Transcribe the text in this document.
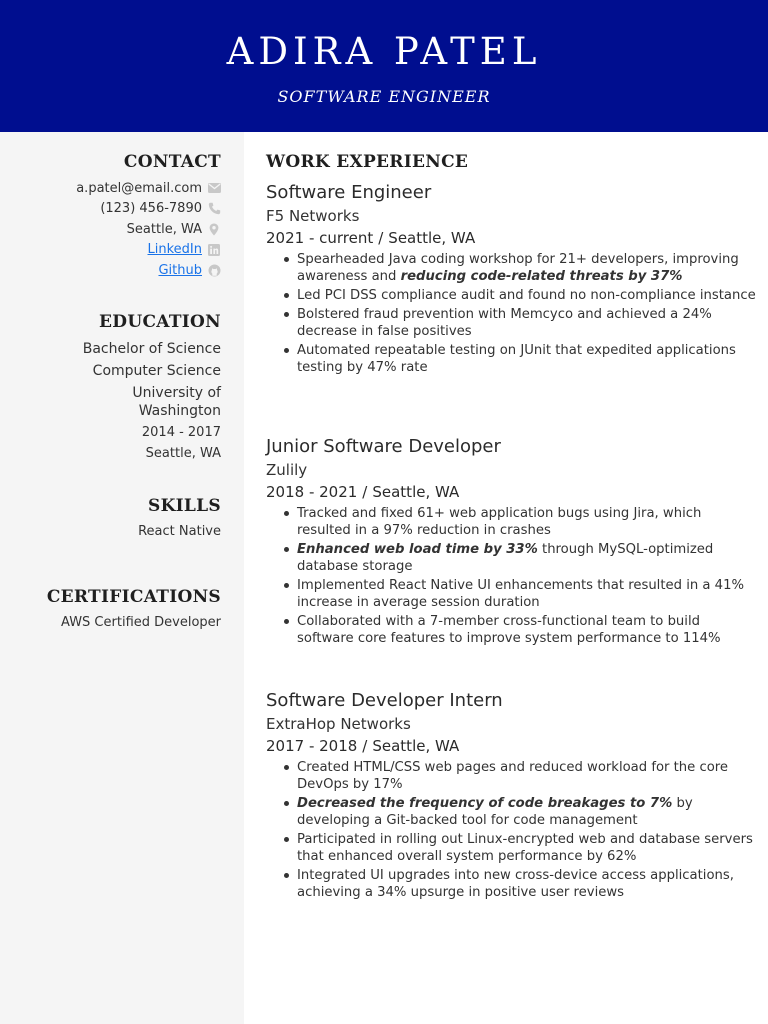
ADIRA PATEL
SOFTWARE ENGINEER
CONTACT
a.patel@email.com
(123) 456-7890
Seattle, WA
LinkedIn
Github
EDUCATION
Bachelor of Science
Computer Science
University of Washington
2014 - 2017
Seattle, WA
SKILLS
React Native
CERTIFICATIONS
AWS Certified Developer
WORK EXPERIENCE
Software Engineer
F5 Networks
2021 - current / Seattle, WA
Spearheaded Java coding workshop for 21+ developers, improving awareness and reducing code-related threats by 37%
Led PCI DSS compliance audit and found no non-compliance instance
Bolstered fraud prevention with Memcyco and achieved a 24% decrease in false positives
Automated repeatable testing on JUnit that expedited applications testing by 47% rate
Junior Software Developer
Zulily
2018 - 2021 / Seattle, WA
Tracked and fixed 61+ web application bugs using Jira, which resulted in a 97% reduction in crashes
Enhanced web load time by 33% through MySQL-optimized database storage
Implemented React Native UI enhancements that resulted in a 41% increase in average session duration
Collaborated with a 7-member cross-functional team to build software core features to improve system performance to 114%
Software Developer Intern
ExtraHop Networks
2017 - 2018 / Seattle, WA
Created HTML/CSS web pages and reduced workload for the core DevOps by 17%
Decreased the frequency of code breakages to 7% by developing a Git-backed tool for code management
Participated in rolling out Linux-encrypted web and database servers that enhanced overall system performance by 62%
Integrated UI upgrades into new cross-device access applications, achieving a 34% upsurge in positive user reviews
